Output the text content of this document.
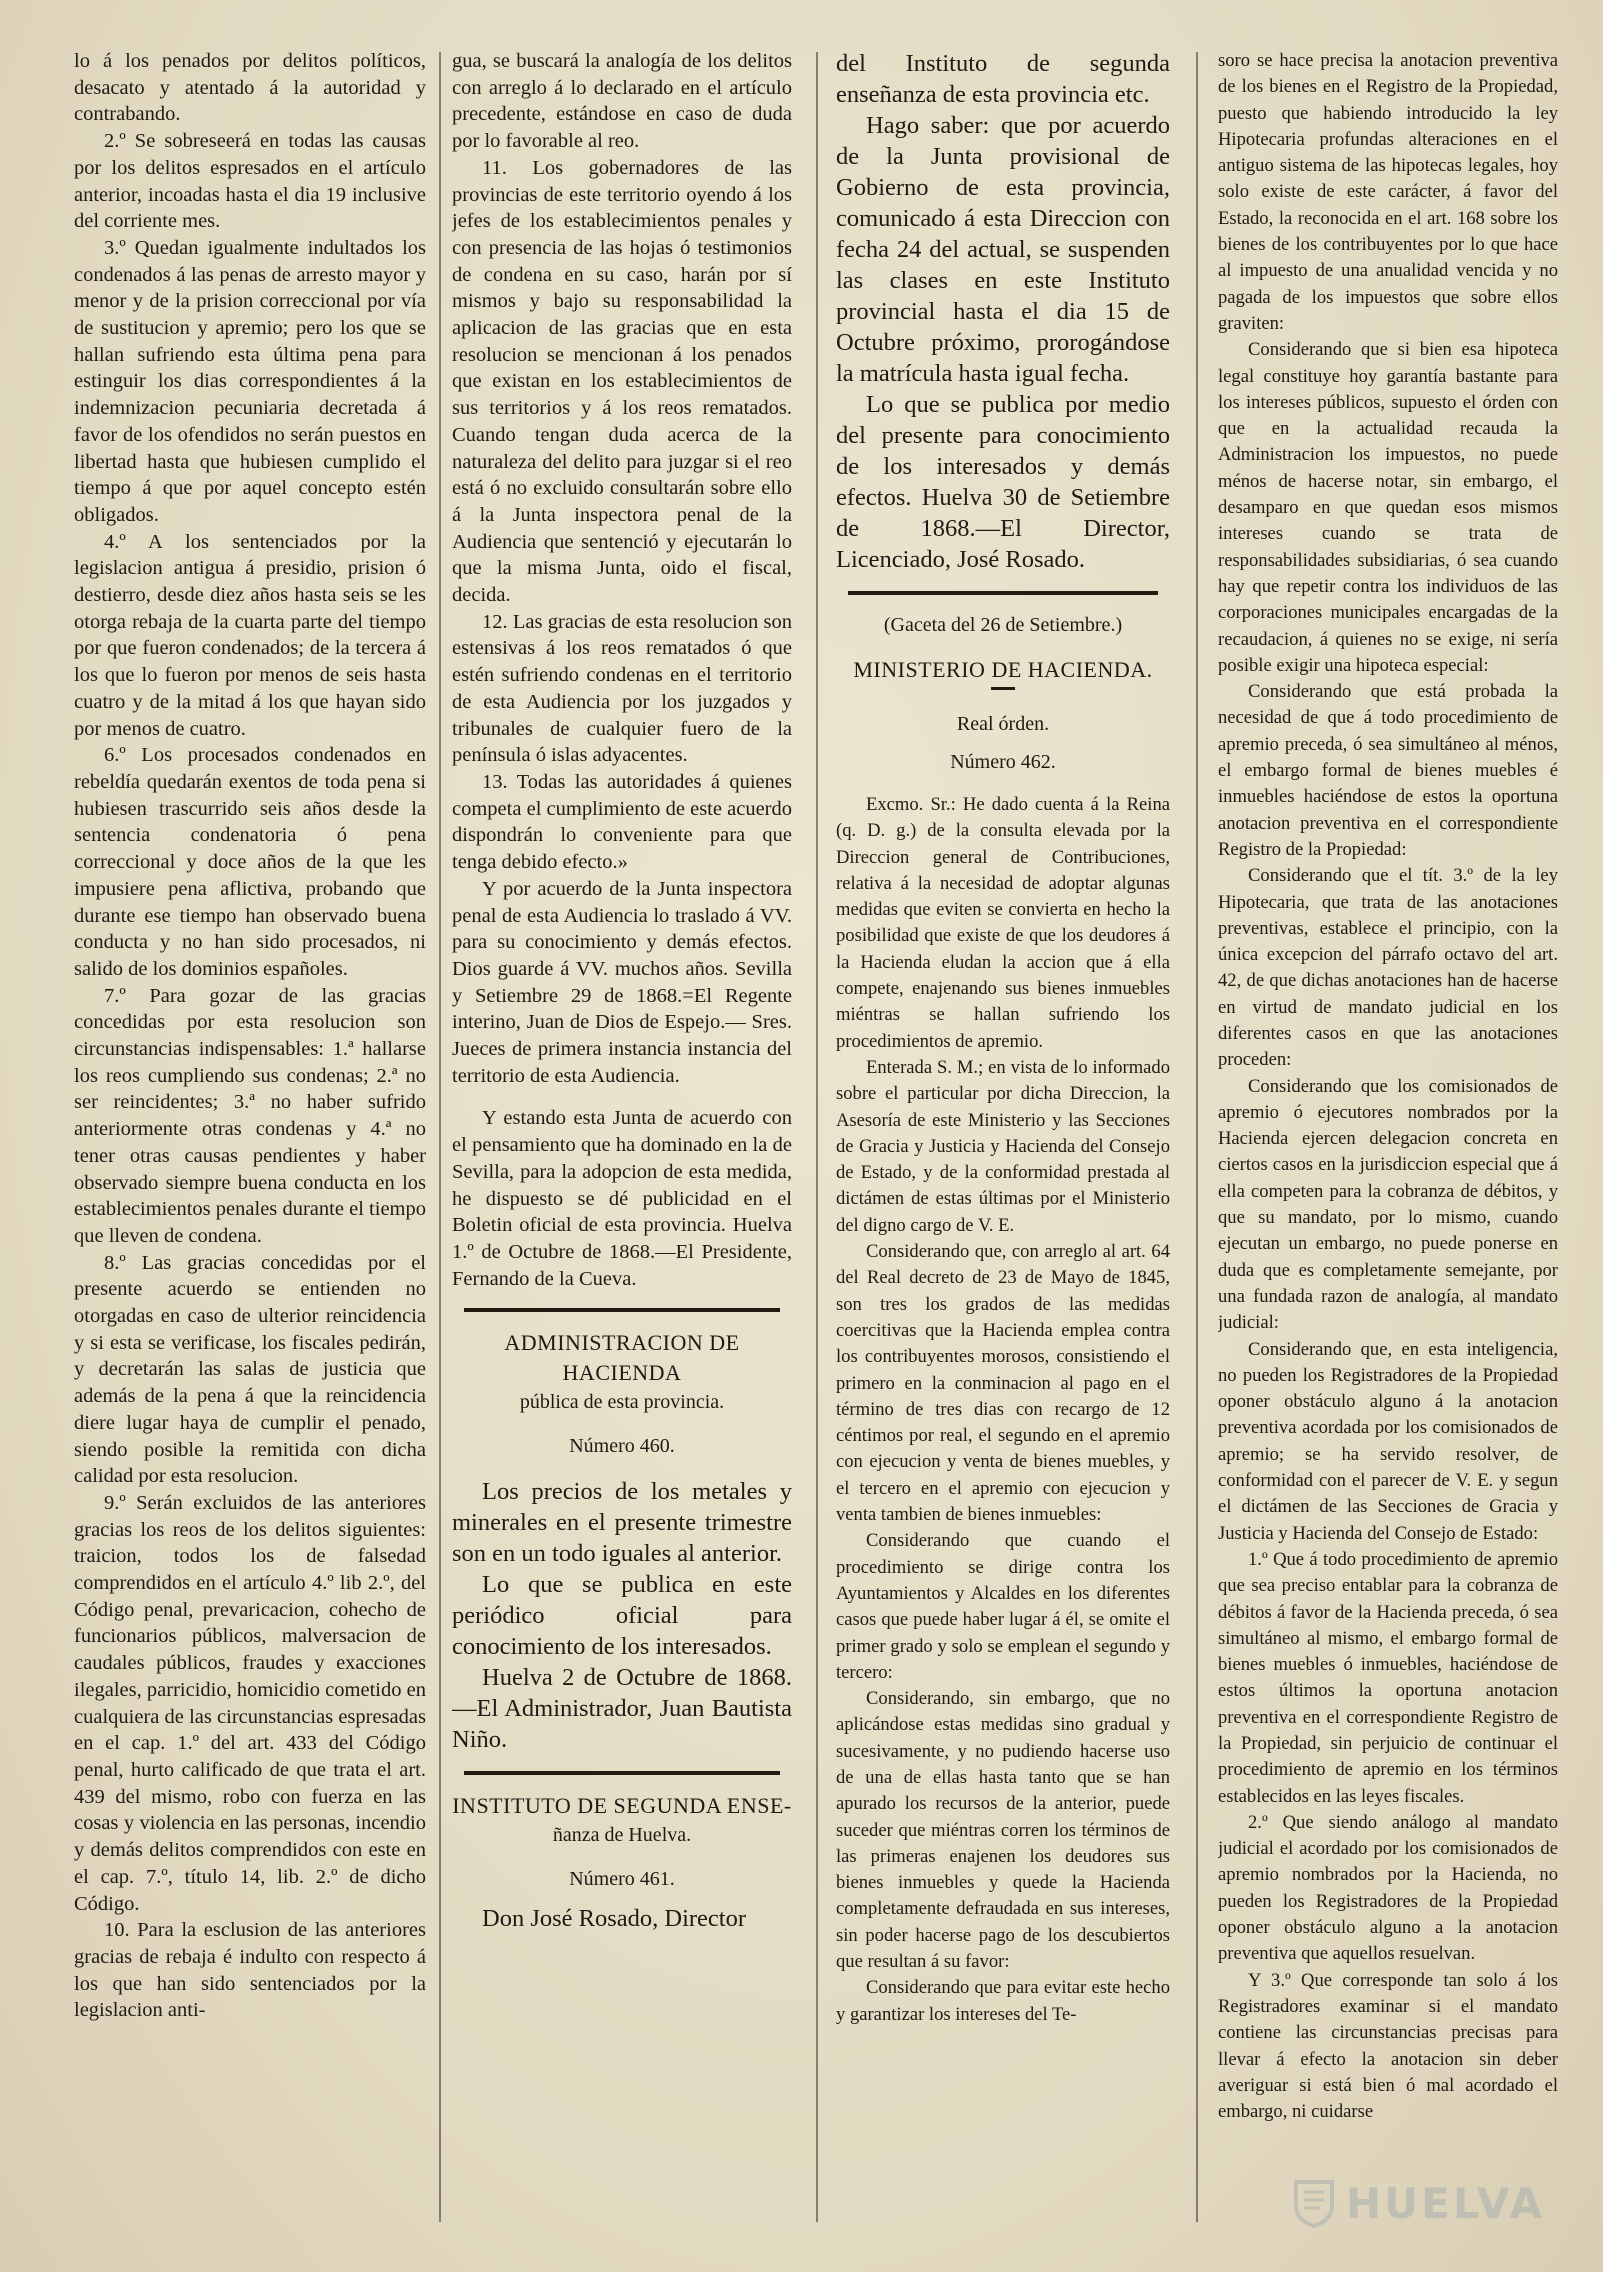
lo á los penados por delitos políticos, desacato y atentado á la autoridad y contrabando.

2.º Se sobreseerá en todas las causas por los delitos espresados en el artículo anterior, incoadas hasta el dia 19 inclusive del corriente mes.

3.º Quedan igualmente indultados los condenados á las penas de arresto mayor y menor y de la prision correccional por vía de sustitucion y apremio; pero los que se hallan sufriendo esta última pena para estinguir los dias correspondientes á la indemnizacion pecuniaria decretada á favor de los ofendidos no serán puestos en libertad hasta que hubiesen cumplido el tiempo á que por aquel concepto estén obligados.

4.º A los sentenciados por la legislacion antigua á presidio, prision ó destierro, desde diez años hasta seis se les otorga rebaja de la cuarta parte del tiempo por que fueron condenados; de la tercera á los que lo fueron por menos de seis hasta cuatro y de la mitad á los que hayan sido por menos de cuatro.

6.º Los procesados condenados en rebeldía quedarán exentos de toda pena si hubiesen trascurrido seis años desde la sentencia condenatoria ó pena correccional y doce años de la que les impusiere pena aflictiva, probando que durante ese tiempo han observado buena conducta y no han sido procesados, ni salido de los dominios españoles.

7.º Para gozar de las gracias concedidas por esta resolucion son circunstancias indispensables: 1.ª hallarse los reos cumpliendo sus condenas; 2.ª no ser reincidentes; 3.ª no haber sufrido anteriormente otras condenas y 4.ª no tener otras causas pendientes y haber observado siempre buena conducta en los establecimientos penales durante el tiempo que lleven de condena.

8.º Las gracias concedidas por el presente acuerdo se entienden no otorgadas en caso de ulterior reincidencia y si esta se verificase, los fiscales pedirán, y decretarán las salas de justicia que además de la pena á que la reincidencia diere lugar haya de cumplir el penado, siendo posible la remitida con dicha calidad por esta resolucion.

9.º Serán excluidos de las anteriores gracias los reos de los delitos siguientes: traicion, todos los de falsedad comprendidos en el artículo 4.º lib 2.º, del Código penal, prevaricacion, cohecho de funcionarios públicos, malversacion de caudales públicos, fraudes y exacciones ilegales, parricidio, homicidio cometido en cualquiera de las circunstancias espresadas en el cap. 1.º del art. 433 del Código penal, hurto calificado de que trata el art. 439 del mismo, robo con fuerza en las cosas y violencia en las personas, incendio y demás delitos comprendidos con este en el cap. 7.º, título 14, lib. 2.º de dicho Código.

10. Para la esclusion de las anteriores gracias de rebaja é indulto con respecto á los que han sido sentenciados por la legislacion anti-

gua, se buscará la analogía de los delitos con arreglo á lo declarado en el artículo precedente, estándose en caso de duda por lo favorable al reo.

11. Los gobernadores de las provincias de este territorio oyendo á los jefes de los establecimientos penales y con presencia de las hojas ó testimonios de condena en su caso, harán por sí mismos y bajo su responsabilidad la aplicacion de las gracias que en esta resolucion se mencionan á los penados que existan en los establecimientos de sus territorios y á los reos rematados. Cuando tengan duda acerca de la naturaleza del delito para juzgar si el reo está ó no excluido consultarán sobre ello á la Junta inspectora penal de la Audiencia que sentenció y ejecutarán lo que la misma Junta, oido el fiscal, decida.

12. Las gracias de esta resolucion son estensivas á los reos rematados ó que estén sufriendo condenas en el territorio de esta Audiencia por los juzgados y tribunales de cualquier fuero de la península ó islas adyacentes.

13. Todas las autoridades á quienes competa el cumplimiento de este acuerdo dispondrán lo conveniente para que tenga debido efecto.»

Y por acuerdo de la Junta inspectora penal de esta Audiencia lo traslado á VV. para su conocimiento y demás efectos. Dios guarde á VV. muchos años. Sevilla y Setiembre 29 de 1868.=El Regente interino, Juan de Dios de Espejo.— Sres. Jueces de primera instancia instancia del territorio de esta Audiencia.

Y estando esta Junta de acuerdo con el pensamiento que ha dominado en la de Sevilla, para la adopcion de esta medida, he dispuesto se dé publicidad en el Boletin oficial de esta provincia. Huelva 1.º de Octubre de 1868.—El Presidente, Fernando de la Cueva.

ADMINISTRACION DE HACIENDA

pública de esta provincia.

Número 460.

Los precios de los metales y minerales en el presente trimestre son en un todo iguales al anterior.

Lo que se publica en este periódico oficial para conocimiento de los interesados.

Huelva 2 de Octubre de 1868.—El Administrador, Juan Bautista Niño.

INSTITUTO DE SEGUNDA ENSE-

ñanza de Huelva.

Número 461.

Don José Rosado, Director

del Instituto de segunda enseñanza de esta provincia etc.

Hago saber: que por acuerdo de la Junta provisional de Gobierno de esta provincia, comunicado á esta Direccion con fecha 24 del actual, se suspenden las clases en este Instituto provincial hasta el dia 15 de Octubre próximo, prorogándose la matrícula hasta igual fecha.

Lo que se publica por medio del presente para conocimiento de los interesados y demás efectos. Huelva 30 de Setiembre de 1868.—El Director, Licenciado, José Rosado.

(Gaceta del 26 de Setiembre.)

MINISTERIO DE HACIENDA.

Real órden.

Número 462.

Excmo. Sr.: He dado cuenta á la Reina (q. D. g.) de la consulta elevada por la Direccion general de Contribuciones, relativa á la necesidad de adoptar algunas medidas que eviten se convierta en hecho la posibilidad que existe de que los deudores á la Hacienda eludan la accion que á ella compete, enajenando sus bienes inmuebles miéntras se hallan sufriendo los procedimientos de apremio.

Enterada S. M.; en vista de lo informado sobre el particular por dicha Direccion, la Asesoría de este Ministerio y las Secciones de Gracia y Justicia y Hacienda del Consejo de Estado, y de la conformidad prestada al dictámen de estas últimas por el Ministerio del digno cargo de V. E.

Considerando que, con arreglo al art. 64 del Real decreto de 23 de Mayo de 1845, son tres los grados de las medidas coercitivas que la Hacienda emplea contra los contribuyentes morosos, consistiendo el primero en la conminacion al pago en el término de tres dias con recargo de 12 céntimos por real, el segundo en el apremio con ejecucion y venta de bienes muebles, y el tercero en el apremio con ejecucion y venta tambien de bienes inmuebles:

Considerando que cuando el procedimiento se dirige contra los Ayuntamientos y Alcaldes en los diferentes casos que puede haber lugar á él, se omite el primer grado y solo se emplean el segundo y tercero:

Considerando, sin embargo, que no aplicándose estas medidas sino gradual y sucesivamente, y no pudiendo hacerse uso de una de ellas hasta tanto que se han apurado los recursos de la anterior, puede suceder que miéntras corren los términos de las primeras enajenen los deudores sus bienes inmuebles y quede la Hacienda completamente defraudada en sus intereses, sin poder hacerse pago de los descubiertos que resultan á su favor:

Considerando que para evitar este hecho y garantizar los intereses del Te-

soro se hace precisa la anotacion preventiva de los bienes en el Registro de la Propiedad, puesto que habiendo introducido la ley Hipotecaria profundas alteraciones en el antiguo sistema de las hipotecas legales, hoy solo existe de este carácter, á favor del Estado, la reconocida en el art. 168 sobre los bienes de los contribuyentes por lo que hace al impuesto de una anualidad vencida y no pagada de los impuestos que sobre ellos graviten:

Considerando que si bien esa hipoteca legal constituye hoy garantía bastante para los intereses públicos, supuesto el órden con que en la actualidad recauda la Administracion los impuestos, no puede ménos de hacerse notar, sin embargo, el desamparo en que quedan esos mismos intereses cuando se trata de responsabilidades subsidiarias, ó sea cuando hay que repetir contra los individuos de las corporaciones municipales encargadas de la recaudacion, á quienes no se exige, ni sería posible exigir una hipoteca especial:

Considerando que está probada la necesidad de que á todo procedimiento de apremio preceda, ó sea simultáneo al ménos, el embargo formal de bienes muebles é inmuebles haciéndose de estos la oportuna anotacion preventiva en el correspondiente Registro de la Propiedad:

Considerando que el tít. 3.º de la ley Hipotecaria, que trata de las anotaciones preventivas, establece el principio, con la única excepcion del párrafo octavo del art. 42, de que dichas anotaciones han de hacerse en virtud de mandato judicial en los diferentes casos en que las anotaciones proceden:

Considerando que los comisionados de apremio ó ejecutores nombrados por la Hacienda ejercen delegacion concreta en ciertos casos en la jurisdiccion especial que á ella competen para la cobranza de débitos, y que su mandato, por lo mismo, cuando ejecutan un embargo, no puede ponerse en duda que es completamente semejante, por una fundada razon de analogía, al mandato judicial:

Considerando que, en esta inteligencia, no pueden los Registradores de la Propiedad oponer obstáculo alguno á la anotacion preventiva acordada por los comisionados de apremio; se ha servido resolver, de conformidad con el parecer de V. E. y segun el dictámen de las Secciones de Gracia y Justicia y Hacienda del Consejo de Estado:

1.º Que á todo procedimiento de apremio que sea preciso entablar para la cobranza de débitos á favor de la Hacienda preceda, ó sea simultáneo al mismo, el embargo formal de bienes muebles ó inmuebles, haciéndose de estos últimos la oportuna anotacion preventiva en el correspondiente Registro de la Propiedad, sin perjuicio de continuar el procedimiento de apremio en los términos establecidos en las leyes fiscales.

2.º Que siendo análogo al mandato judicial el acordado por los comisionados de apremio nombrados por la Hacienda, no pueden los Registradores de la Propiedad oponer obstáculo alguno a la anotacion preventiva que aquellos resuelvan.

Y 3.º Que corresponde tan solo á los Registradores examinar si el mandato contiene las circunstancias precisas para llevar á efecto la anotacion sin deber averiguar si está bien ó mal acordado el embargo, ni cuidarse

HUELVA
